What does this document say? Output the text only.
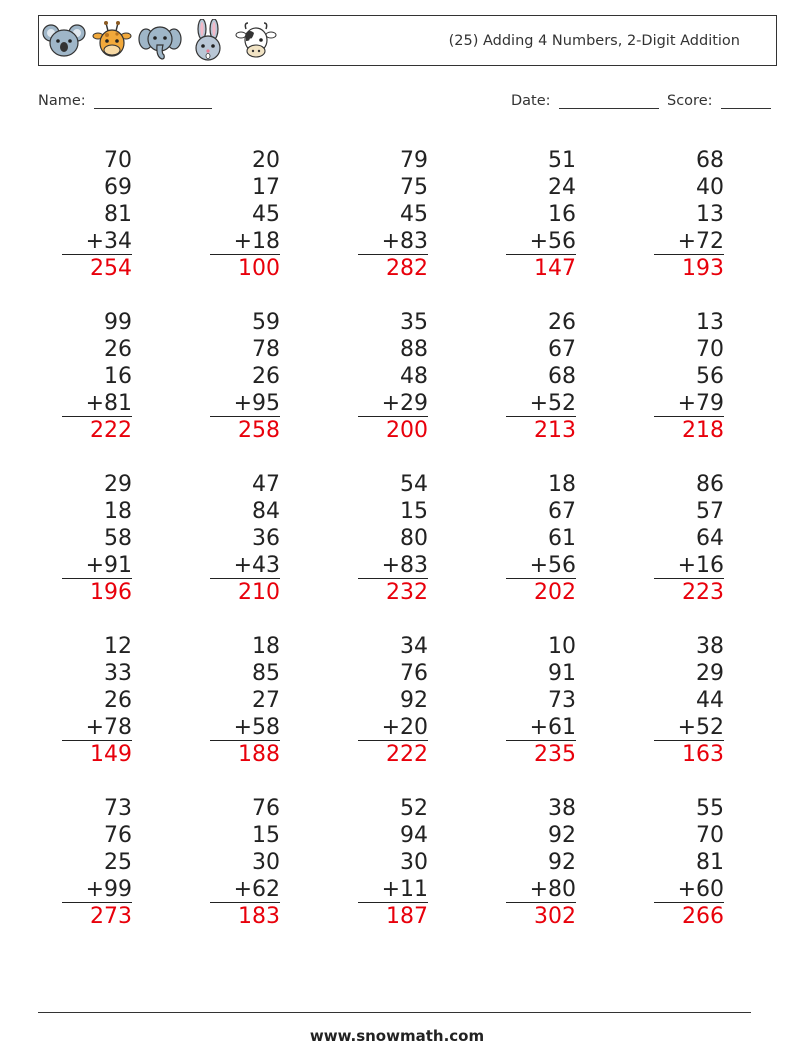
(25) Adding 4 Numbers, 2-Digit Addition
Name:	Date:	Score:
70
69
81
+34
254
20
17
45
+18
100
79
75
45
+83
282
51
24
16
+56
147
68
40
13
+72
193
99
26
16
+81
222
59
78
26
+95
258
35
88
48
+29
200
26
67
68
+52
213
13
70
56
+79
218
29
18
58
+91
196
47
84
36
+43
210
54
15
80
+83
232
18
67
61
+56
202
86
57
64
+16
223
12
33
26
+78
149
18
85
27
+58
188
34
76
92
+20
222
10
91
73
+61
235
38
29
44
+52
163
73
76
25
+99
273
76
15
30
+62
183
52
94
30
+11
187
38
92
92
+80
302
55
70
81
+60
266
www.snowmath.com
